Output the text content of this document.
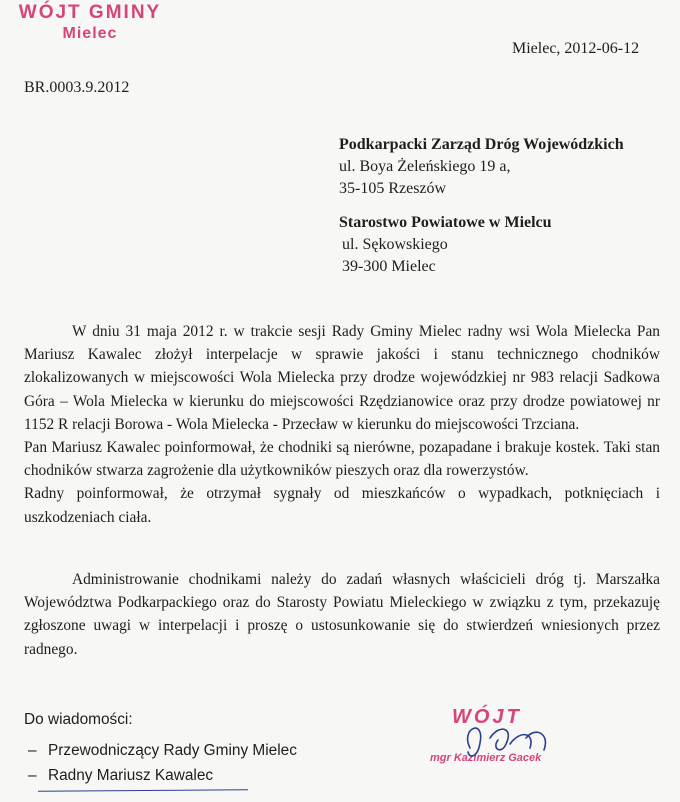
WÓJT GMINY
Mielec
Mielec, 2012-06-12
BR.0003.9.2012
Podkarpacki Zarząd Dróg Wojewódzkich
ul. Boya Żeleńskiego 19 a,
35-105 Rzeszów
Starostwo Powiatowe w Mielcu
ul. Sękowskiego
39-300 Mielec
W dniu 31 maja 2012 r. w trakcie sesji Rady Gminy Mielec radny wsi Wola Mielecka Pan Mariusz Kawalec złożył interpelacje w sprawie jakości i stanu technicznego chodników zlokalizowanych w miejscowości Wola Mielecka przy drodze wojewódzkiej nr 983 relacji Sadkowa Góra – Wola Mielecka w kierunku do miejscowości Rzędzianowice oraz przy drodze powiatowej nr 1152 R relacji Borowa - Wola Mielecka - Przecław w kierunku do miejscowości Trzciana.
Pan Mariusz Kawalec poinformował, że chodniki są nierówne, pozapadane i brakuje kostek. Taki stan chodników stwarza zagrożenie dla użytkowników pieszych oraz dla rowerzystów.
Radny poinformował, że otrzymał sygnały od mieszkańców o wypadkach, potknięciach i uszkodzeniach ciała.
Administrowanie chodnikami należy do zadań własnych właścicieli dróg tj. Marszałka Województwa Podkarpackiego oraz do Starosty Powiatu Mieleckiego w związku z tym, przekazuję zgłoszone uwagi w interpelacji i proszę o ustosunkowanie się do stwierdzeń wniesionych przez radnego.
Do wiadomości:
– Przewodniczący Rady Gminy Mielec
– Radny Mariusz Kawalec
WÓJT
mgr Kazimierz Gacek
